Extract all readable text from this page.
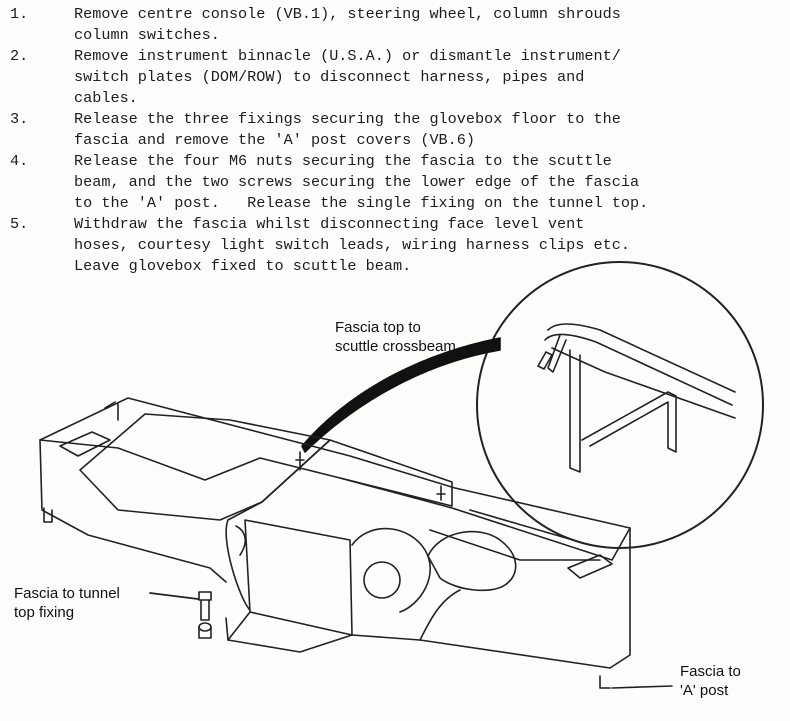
1.	Remove centre console (VB.1), steering wheel, column shrouds
column switches.
2.	Remove instrument binnacle (U.S.A.) or dismantle instrument/
switch plates (DOM/ROW) to disconnect harness, pipes and
cables.
3.	Release the three fixings securing the glovebox floor to the
fascia and remove the 'A' post covers (VB.6)
4.	Release the four M6 nuts securing the fascia to the scuttle
beam, and the two screws securing the lower edge of the fascia
to the 'A' post.   Release the single fixing on the tunnel top.
5.	Withdraw the fascia whilst disconnecting face level vent
hoses, courtesy light switch leads, wiring harness clips etc.
Leave glovebox fixed to scuttle beam.
Fascia top to
scuttle crossbeam
Fascia to tunnel
top fixing
Fascia to
'A' post
